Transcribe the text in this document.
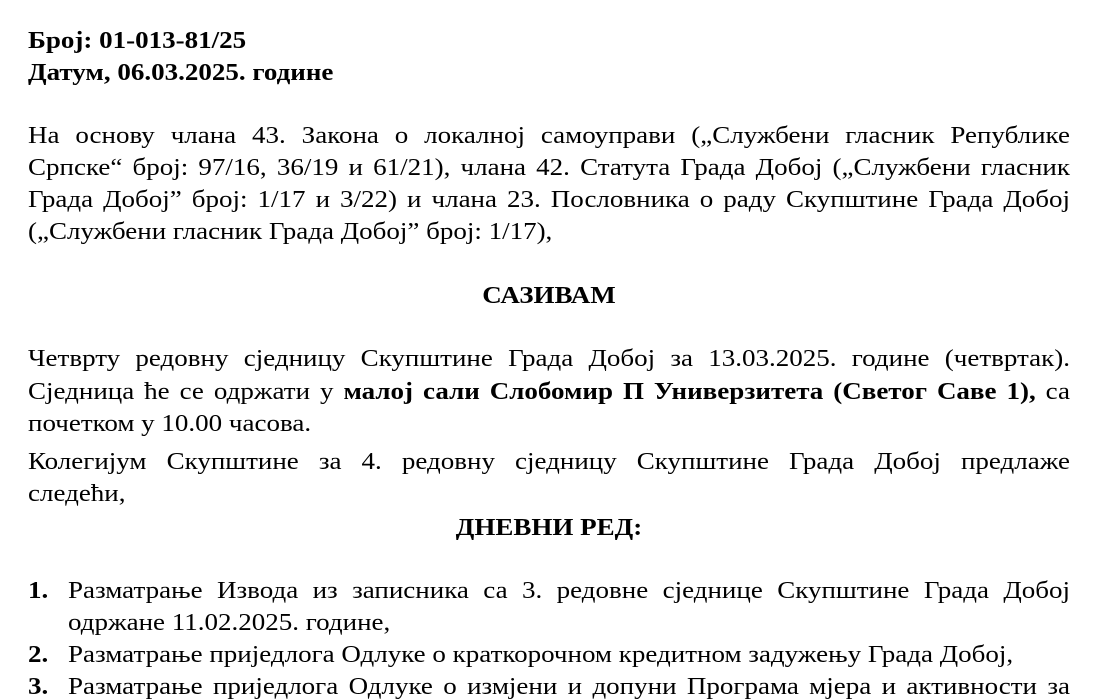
Број: 01-013-81/25
Датум, 06.03.2025. године
На основу члана 43. Закона о локалној самоуправи („Службени гласник Републике
Српске“ број: 97/16, 36/19 и 61/21), члана 42. Статута Града Добој („Службени гласник
Града Добој” број: 1/17 и 3/22) и члана 23. Пословника о раду Скупштине Града Добој
(„Службени гласник Града Добој” број: 1/17),
САЗИВАМ
Четврту редовну сједницу Скупштине Града Добој за 13.03.2025. године (четвртак).
Сједница ће се одржати у малој сали Слобомир П Универзитета (Светог Саве 1), са
почетком у 10.00 часова.
Колегијум Скупштине за 4. редовну сједницу Скупштине Града Добој предлаже
следећи,
ДНЕВНИ РЕД:
1. Разматрање Извода из записника са 3. редовне сједнице Скупштине Града Добој
одржане 11.02.2025. године,
2. Разматрање приједлога Одлуке о краткорочном кредитном задужењу Града Добој,
3. Разматрање приједлога Одлуке о измјени и допуни Програма мјера и активности за
